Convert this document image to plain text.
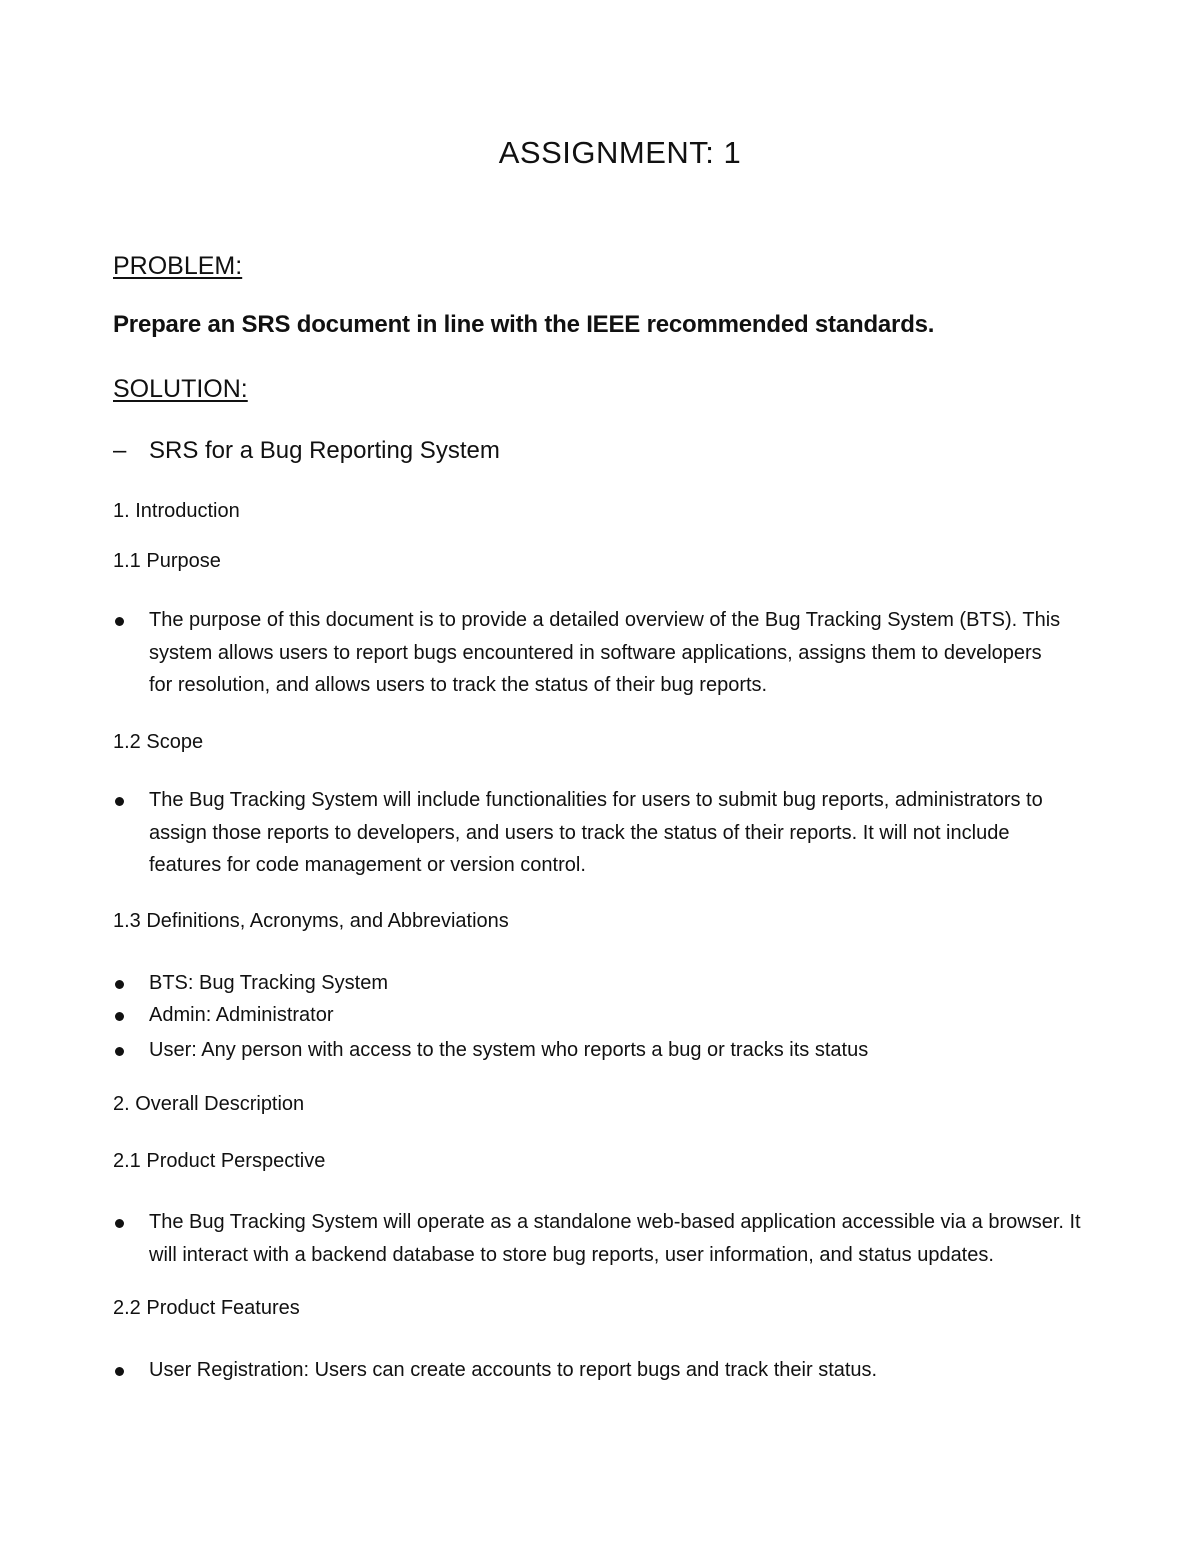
ASSIGNMENT: 1
PROBLEM:
Prepare an SRS document in line with the IEEE recommended standards.
SOLUTION:
– SRS for a Bug Reporting System
1. Introduction
1.1 Purpose
The purpose of this document is to provide a detailed overview of the Bug Tracking System (BTS). This
system allows users to report bugs encountered in software applications, assigns them to developers
for resolution, and allows users to track the status of their bug reports.
1.2 Scope
The Bug Tracking System will include functionalities for users to submit bug reports, administrators to
assign those reports to developers, and users to track the status of their reports. It will not include
features for code management or version control.
1.3 Definitions, Acronyms, and Abbreviations
BTS: Bug Tracking System
Admin: Administrator
User: Any person with access to the system who reports a bug or tracks its status
2. Overall Description
2.1 Product Perspective
The Bug Tracking System will operate as a standalone web-based application accessible via a browser. It
will interact with a backend database to store bug reports, user information, and status updates.
2.2 Product Features
User Registration: Users can create accounts to report bugs and track their status.
